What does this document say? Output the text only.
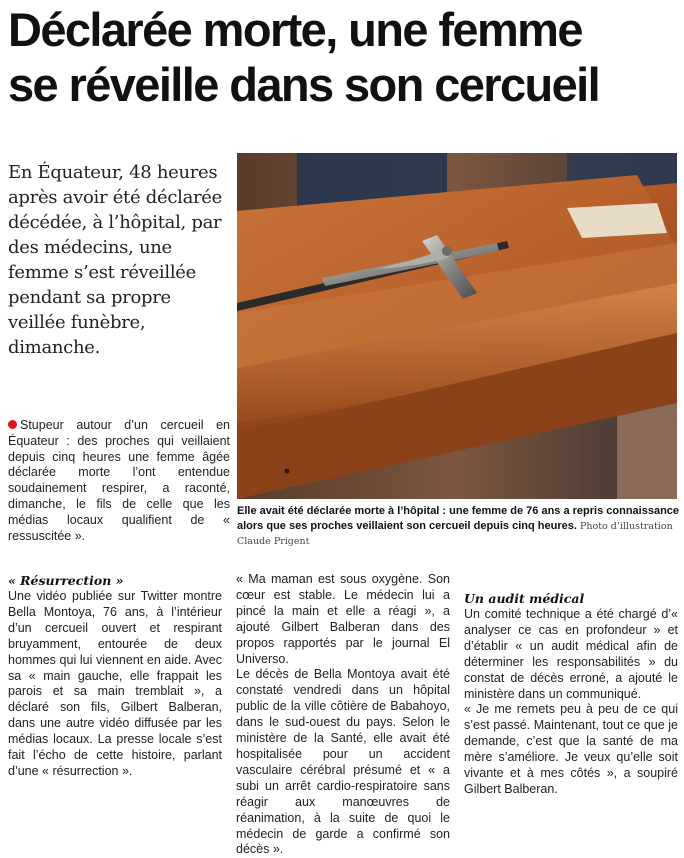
Déclarée morte, une femme
se réveille dans son cercueil
En Équateur, 48 heures
après avoir été déclarée
décédée, à l’hôpital, par
des médecins, une
femme s’est réveillée
pendant sa propre
veillée funèbre,
dimanche.
Stupeur autour d’un cercueil en Équateur : des proches qui veillaient depuis cinq heures une femme âgée déclarée morte l’ont entendue soudainement respirer, a raconté, dimanche, le fils de celle que les médias locaux qualifient de « ressuscitée ».
Elle avait été déclarée morte à l’hôpital : une femme de 76 ans a repris connaissance alors que ses proches veillaient son cercueil depuis cinq heures. Photo d’illustration
Claude Prigent

« Résurrection »

Une vidéo publiée sur Twitter montre Bella Montoya, 76 ans, à l’intérieur d’un cercueil ouvert et respirant bruyamment, entourée de deux hommes qui lui viennent en aide. Avec sa « main gauche, elle frappait les parois et sa main tremblait », a déclaré son fils, Gilbert Balberan, dans une autre vidéo diffusée par les médias locaux. La presse locale s’est fait l’écho de cette histoire, parlant d’une « résurrection ».

« Ma maman est sous oxygène. Son cœur est stable. Le médecin lui a pincé la main et elle a réagi », a ajouté Gilbert Balberan dans des propos rapportés par le journal El Universo.

Le décès de Bella Montoya avait été constaté vendredi dans un hôpital public de la ville côtière de Babahoyo, dans le sud-ouest du pays. Selon le ministère de la Santé, elle avait été hospitalisée pour un accident vasculaire cérébral présumé et « a subi un arrêt cardio-respiratoire sans réagir aux manœuvres de réanimation, à la suite de quoi le médecin de garde a confirmé son décès ».

Un audit médical

Un comité technique a été chargé d’« analyser ce cas en profondeur » et d’établir « un audit médical afin de déterminer les responsabilités » du constat de décès erroné, a ajouté le ministère dans un communiqué.

« Je me remets peu à peu de ce qui s’est passé. Maintenant, tout ce que je demande, c’est que la santé de ma mère s’améliore. Je veux qu’elle soit vivante et à mes côtés », a soupiré Gilbert Balberan.
